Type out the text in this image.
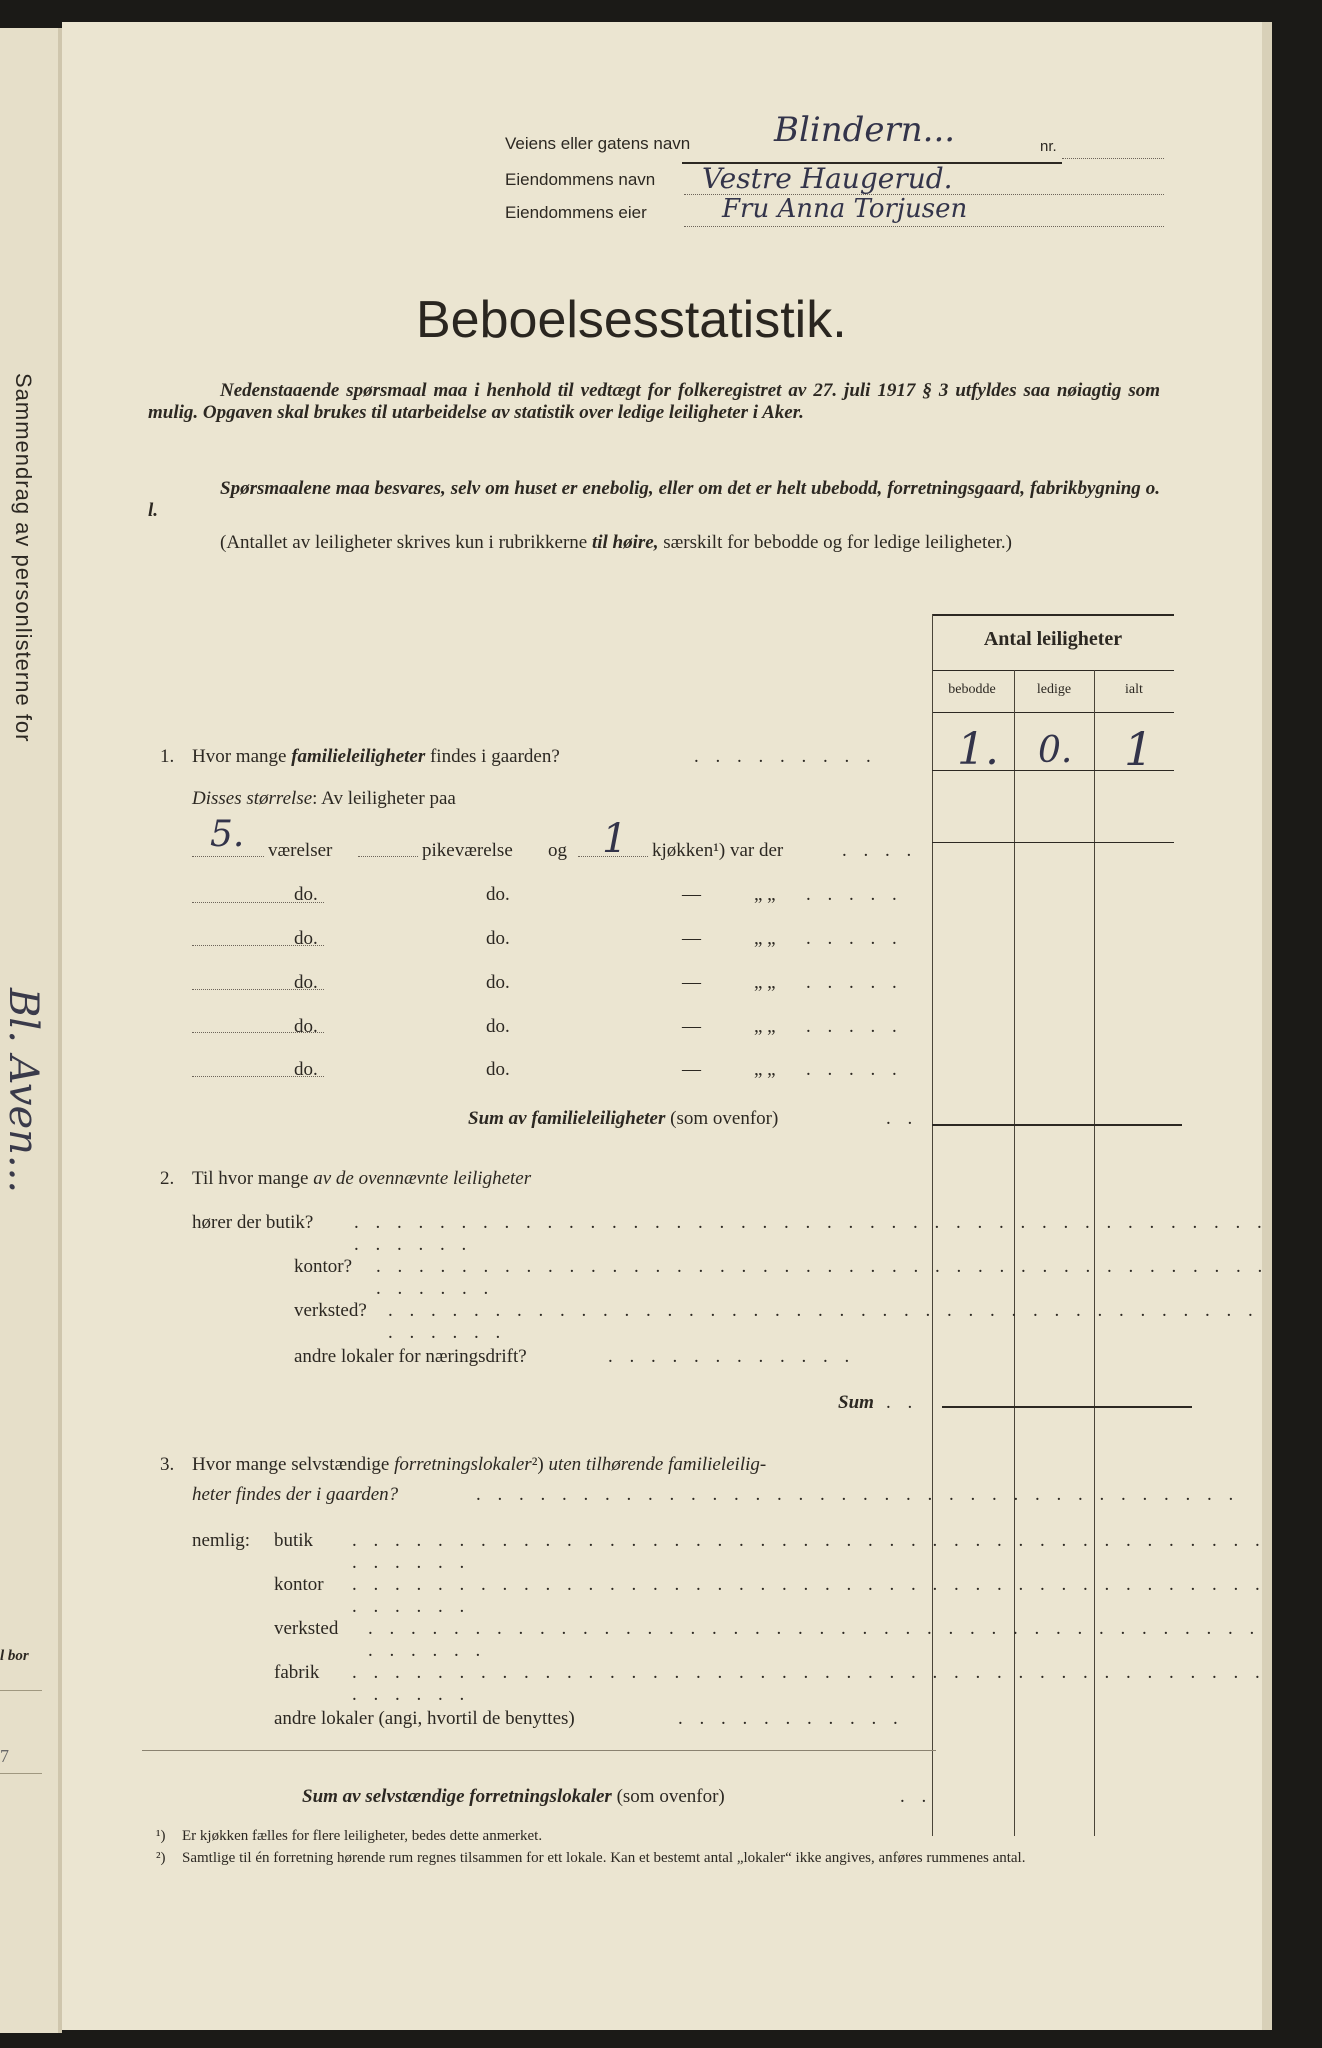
Sammendrag av personlisterne for
Bl. Aven...
l bor
7
Veiens eller gatens navn Blindern...	nr.
Eiendommens navn Vestre Haugerud.
Eiendommens eier	Fru Anna Torjusen
Beboelsesstatistik.
Nedenstaaende spørsmaal maa i henhold til vedtægt for folkeregistret av 27. juli 1917 § 3 utfyldes saa nøiagtig som mulig. Opgaven skal brukes til utarbeidelse av statistik over ledige leiligheter i Aker.
Spørsmaalene maa besvares, selv om huset er enebolig, eller om det er helt ubebodd, forretningsgaard, fabrikbygning o. l.
(Antallet av leiligheter skrives kun i rubrikkerne til høire, særskilt for bebodde og for ledige leiligheter.)
Antal leiligheter
bebodde	ledige	ialt
1. Hvor mange familieleiligheter findes i gaarden?	. . . . . . . . . 1. 0. 1
Disses størrelse: Av leiligheter paa
5. værelser	pikeværelse og 1 kjøkken¹) var der	. . . .
do.	do.	—	„ „ . . . . .
do.	do.	—	„ „ . . . . .
do.	do.	—	„ „ . . . . .
do.	do.	—	„ „ . . . . .
do.	do.	—	„ „ . . . . .
Sum av familieleiligheter (som ovenfor)	. .
2. Til hvor mange av de ovennævnte leiligheter
hører der butik? . . . . . . . . . . . . . . . . . . . . . . . . . . . . . . . . . . . . . . . . . . . . . . . . .
kontor? . . . . . . . . . . . . . . . . . . . . . . . . . . . . . . . . . . . . . . . . . . . . . . . .
verksted? . . . . . . . . . . . . . . . . . . . . . . . . . . . . . . . . . . . . . . . . . . . . . . .
andre lokaler for næringsdrift?	. . . . . . . . . . . .
Sum . .
3. Hvor mange selvstændige forretningslokaler²) uten tilhørende familieleilig-
heter findes der i gaarden?	. . . . . . . . . . . . . . . . . . . . . . . . . . . . . . . . . . . .
nemlig: butik . . . . . . . . . . . . . . . . . . . . . . . . . . . . . . . . . . . . . . . . . . . . . . . . .
kontor . . . . . . . . . . . . . . . . . . . . . . . . . . . . . . . . . . . . . . . . . . . . . . . . .
verksted . . . . . . . . . . . . . . . . . . . . . . . . . . . . . . . . . . . . . . . . . . . . . . . .
fabrik . . . . . . . . . . . . . . . . . . . . . . . . . . . . . . . . . . . . . . . . . . . . . . . . .
andre lokaler (angi, hvortil de benyttes)	. . . . . . . . . . .
Sum av selvstændige forretningslokaler (som ovenfor)	. .
¹) Er kjøkken fælles for flere leiligheter, bedes dette anmerket.
²) Samtlige til én forretning hørende rum regnes tilsammen for ett lokale. Kan et bestemt antal „lokaler“ ikke angives, anføres rummenes antal.
